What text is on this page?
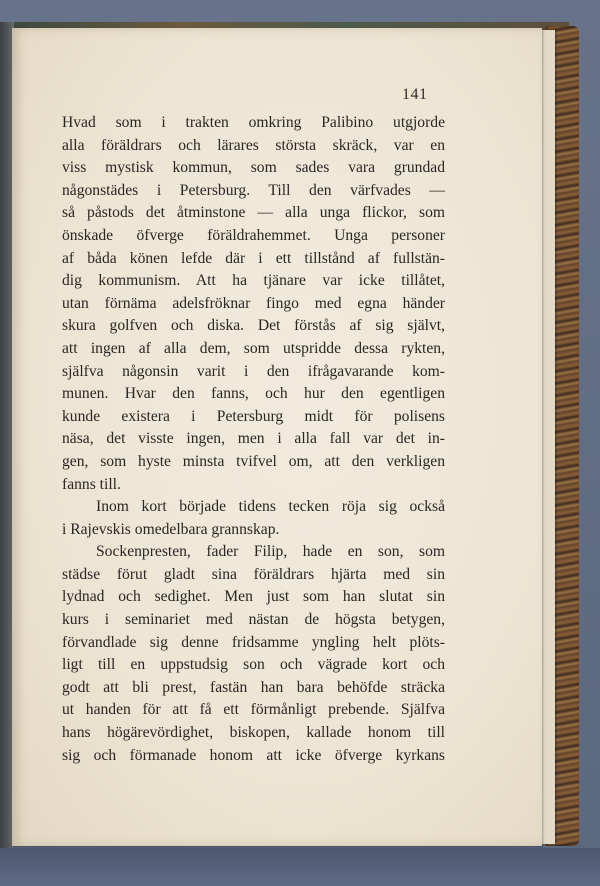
141
Hvad som i trakten omkring Palibino utgjorde
alla föräldrars och lärares största skräck, var en
viss mystisk kommun, som sades vara grundad
någonstädes i Petersburg. Till den värfvades —
så påstods det åtminstone — alla unga flickor, som
önskade öfverge föräldrahemmet. Unga personer
af båda könen lefde där i ett tillstånd af fullstän-
dig kommunism. Att ha tjänare var icke tillåtet,
utan förnäma adelsfröknar fingo med egna händer
skura golfven och diska. Det förstås af sig självt,
att ingen af alla dem, som utspridde dessa rykten,
själfva någonsin varit i den ifrågavarande kom-
munen. Hvar den fanns, och hur den egentligen
kunde existera i Petersburg midt för polisens
näsa, det visste ingen, men i alla fall var det in-
gen, som hyste minsta tvifvel om, att den verkligen
fanns till.
Inom kort började tidens tecken röja sig också
i Rajevskis omedelbara grannskap.
Sockenpresten, fader Filip, hade en son, som
städse förut gladt sina föräldrars hjärta med sin
lydnad och sedighet. Men just som han slutat sin
kurs i seminariet med nästan de högsta betygen,
förvandlade sig denne fridsamme yngling helt plöts-
ligt till en uppstudsig son och vägrade kort och
godt att bli prest, fastän han bara behöfde sträcka
ut handen för att få ett förmånligt prebende. Själfva
hans högärevördighet, biskopen, kallade honom till
sig och förmanade honom att icke öfverge kyrkans
